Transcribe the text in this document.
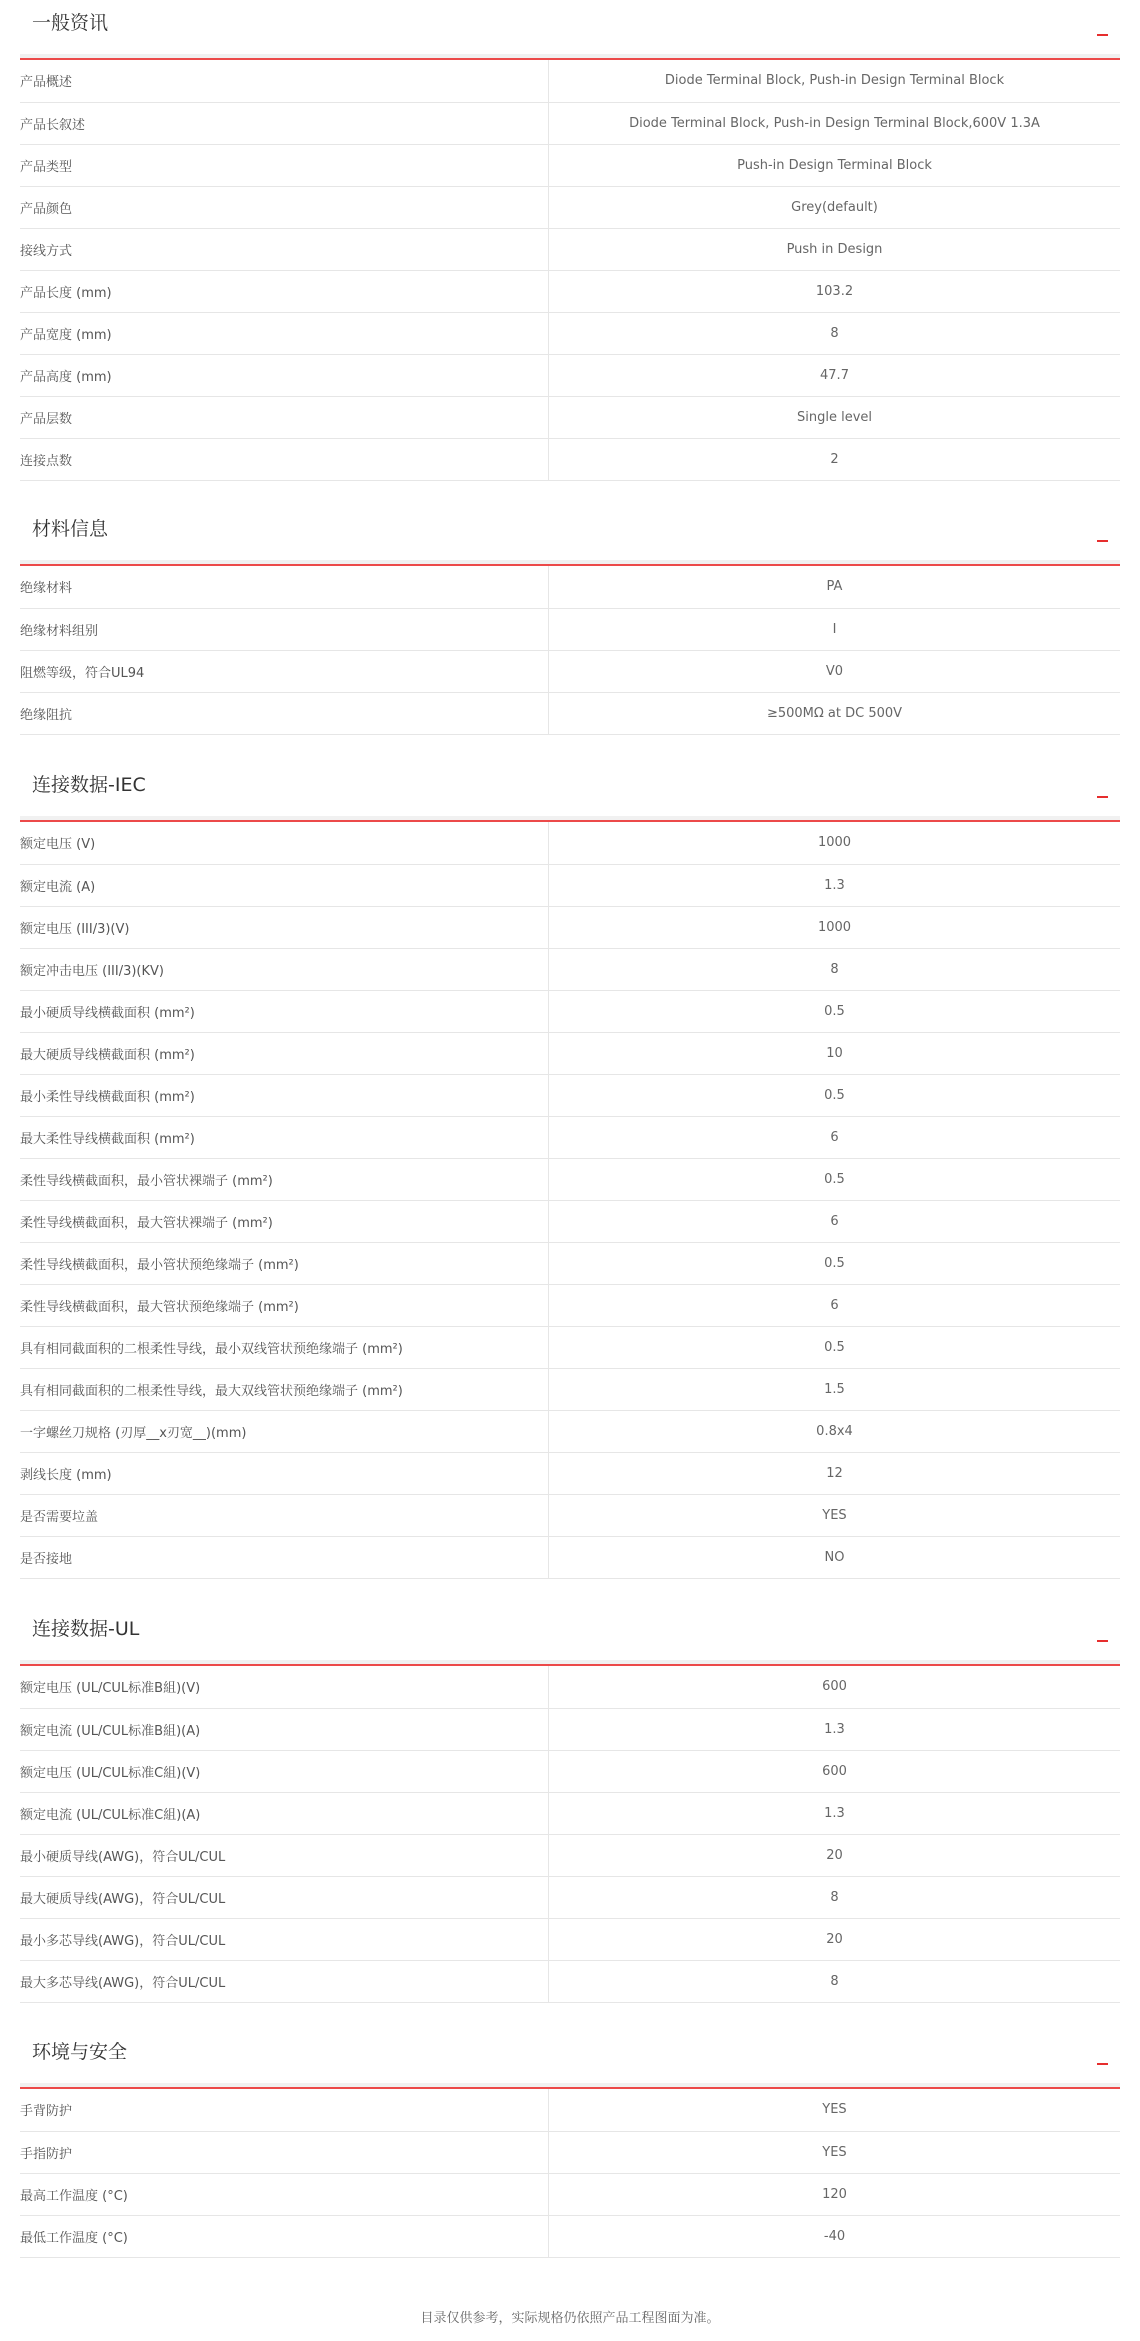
一般资讯
产品概述	Diode Terminal Block, Push-in Design Terminal Block
产品长叙述	Diode Terminal Block, Push-in Design Terminal Block,600V 1.3A
产品类型	Push-in Design Terminal Block
产品颜色	Grey(default)
接线方式	Push in Design
产品长度 (mm)	103.2
产品宽度 (mm)	8
产品高度 (mm)	47.7
产品层数	Single level
连接点数	2
材料信息
绝缘材料	PA
绝缘材料组别	I
阻燃等级，符合UL94	V0
绝缘阻抗	≥500MΩ at DC 500V
连接数据-IEC
额定电压 (V)	1000
额定电流 (A)	1.3
额定电压 (III/3)(V)	1000
额定冲击电压 (III/3)(KV)	8
最小硬质导线横截面积 (mm²)	0.5
最大硬质导线横截面积 (mm²)	10
最小柔性导线横截面积 (mm²)	0.5
最大柔性导线横截面积 (mm²)	6
柔性导线横截面积，最小管状裸端子 (mm²)	0.5
柔性导线横截面积，最大管状裸端子 (mm²)	6
柔性导线横截面积，最小管状预绝缘端子 (mm²)	0.5
柔性导线横截面积，最大管状预绝缘端子 (mm²)	6
具有相同截面积的二根柔性导线，最小双线管状预绝缘端子 (mm²)	0.5
具有相同截面积的二根柔性导线，最大双线管状预绝缘端子 (mm²)	1.5
一字螺丝刀规格 (刃厚__x刃宽__)(mm)	0.8x4
剥线长度 (mm)	12
是否需要垃盖	YES
是否接地	NO
连接数据-UL
额定电压 (UL/CUL标准B組)(V)	600
额定电流 (UL/CUL标准B組)(A)	1.3
额定电压 (UL/CUL标准C組)(V)	600
额定电流 (UL/CUL标准C組)(A)	1.3
最小硬质导线(AWG)，符合UL/CUL	20
最大硬质导线(AWG)，符合UL/CUL	8
最小多芯导线(AWG)，符合UL/CUL	20
最大多芯导线(AWG)，符合UL/CUL	8
环境与安全
手背防护	YES
手指防护	YES
最高工作温度 (°C)	120
最低工作温度 (°C)	-40
目录仅供参考，实际规格仍依照产品工程图面为准。
